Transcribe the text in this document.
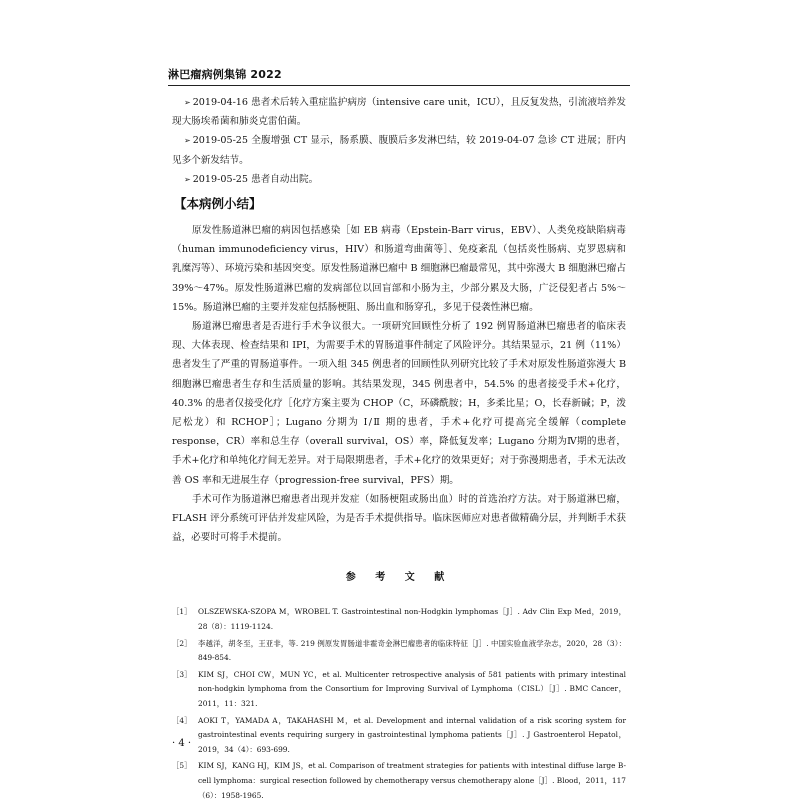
淋巴瘤病例集锦 2022

➢ 2019-04-16 患者术后转入重症监护病房（intensive care unit，ICU），且反复发热，引流液培养发现大肠埃希菌和肺炎克雷伯菌。

➢ 2019-05-25 全腹增强 CT 显示，肠系膜、腹膜后多发淋巴结，较 2019-04-07 急诊 CT 进展；肝内见多个新发结节。

➢ 2019-05-25 患者自动出院。

【本病例小结】

原发性肠道淋巴瘤的病因包括感染［如 EB 病毒（Epstein-Barr virus，EBV）、人类免疫缺陷病毒（human immunodeficiency virus，HIV）和肠道弯曲菌等］、免疫紊乱（包括炎性肠病、克罗恩病和乳糜泻等）、环境污染和基因突变。原发性肠道淋巴瘤中 B 细胞淋巴瘤最常见，其中弥漫大 B 细胞淋巴瘤占 39%～47%。原发性肠道淋巴瘤的发病部位以回盲部和小肠为主，少部分累及大肠，广泛侵犯者占 5%～15%。肠道淋巴瘤的主要并发症包括肠梗阻、肠出血和肠穿孔，多见于侵袭性淋巴瘤。

肠道淋巴瘤患者是否进行手术争议很大。一项研究回顾性分析了 192 例胃肠道淋巴瘤患者的临床表现、大体表现、检查结果和 IPI，为需要手术的胃肠道事件制定了风险评分。其结果显示，21 例（11%）患者发生了严重的胃肠道事件。一项入组 345 例患者的回顾性队列研究比较了手术对原发性肠道弥漫大 B 细胞淋巴瘤患者生存和生活质量的影响。其结果发现，345 例患者中，54.5% 的患者接受手术+化疗，40.3% 的患者仅接受化疗［化疗方案主要为 CHOP（C，环磷酰胺；H，多柔比星；O，长春新碱；P，泼尼松龙）和 RCHOP］；Lugano 分期为 Ⅰ/Ⅱ 期的患者，手术+化疗可提高完全缓解（complete response，CR）率和总生存（overall survival，OS）率，降低复发率；Lugano 分期为Ⅳ期的患者，手术+化疗和单纯化疗间无差异。对于局限期患者，手术+化疗的效果更好；对于弥漫期患者，手术无法改善 OS 率和无进展生存（progression-free survival，PFS）期。

手术可作为肠道淋巴瘤患者出现并发症（如肠梗阻或肠出血）时的首选治疗方法。对于肠道淋巴瘤，FLASH 评分系统可评估并发症风险，为是否手术提供指导。临床医师应对患者做精确分层，并判断手术获益，必要时可将手术提前。

参 考 文 献
［1］ OLSZEWSKA-SZOPA M，WROBEL T. Gastrointestinal non-Hodgkin lymphomas［J］. Adv Clin Exp Med，2019，28（8）：1119-1124.
［2］ 李越洋，胡冬至，王亚非，等. 219 例原发胃肠道非霍奇金淋巴瘤患者的临床特征［J］. 中国实验血液学杂志，2020，28（3）：849-854.
［3］ KIM SJ，CHOI CW，MUN YC，et al. Multicenter retrospective analysis of 581 patients with primary intestinal non-hodgkin lymphoma from the Consortium for Improving Survival of Lymphoma（CISL）［J］. BMC Cancer，2011，11：321.
［4］ AOKI T，YAMADA A，TAKAHASHI M，et al. Development and internal validation of a risk scoring system for gastrointestinal events requiring surgery in gastrointestinal lymphoma patients［J］. J Gastroenterol Hepatol，2019，34（4）：693-699.
［5］ KIM SJ，KANG HJ，KIM JS，et al. Comparison of treatment strategies for patients with intestinal diffuse large B-cell lymphoma：surgical resection followed by chemotherapy versus chemotherapy alone［J］. Blood，2011，117（6）：1958-1965.
· 4 ·
